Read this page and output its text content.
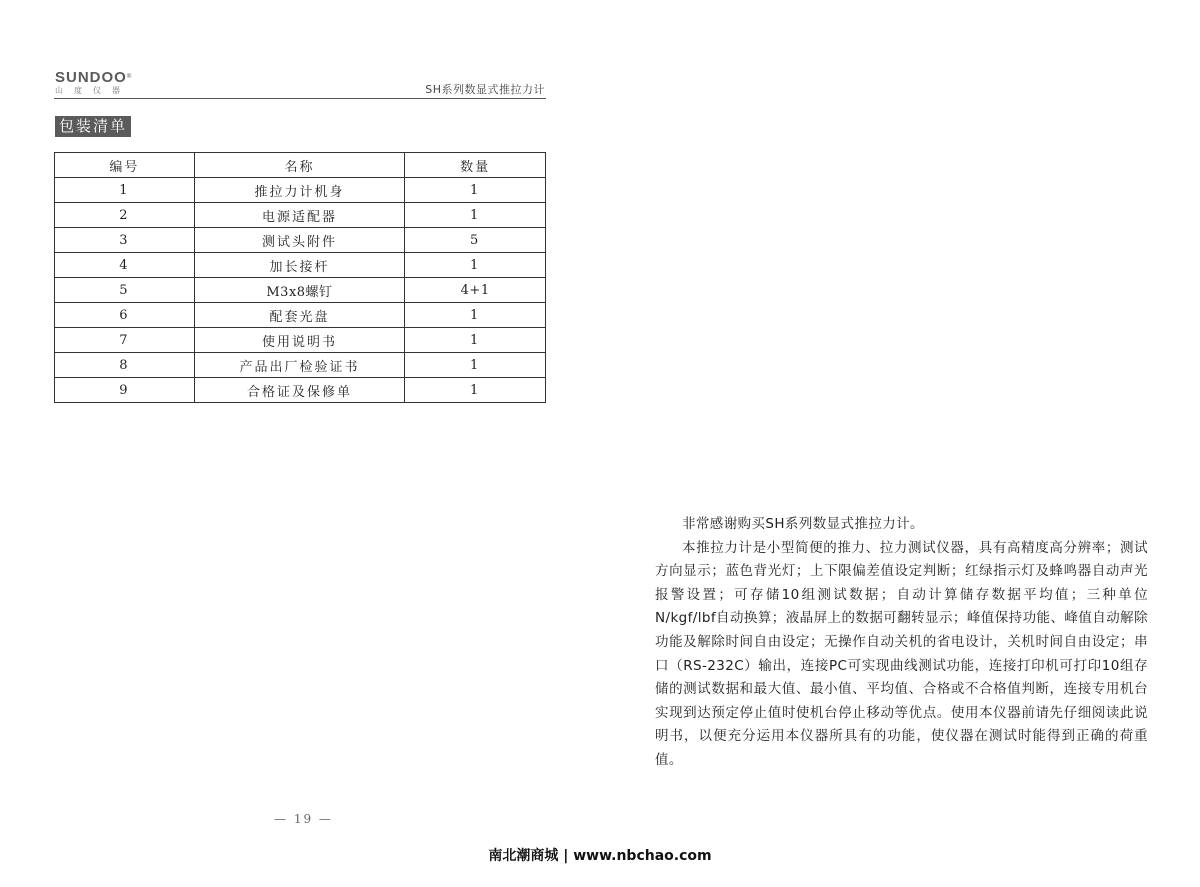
SUNDOO®
山度仪器	SH系列数显式推拉力计
包装清单
编号	名称	数量
1	推拉力计机身	1
2	电源适配器	1
3	测试头附件	5
4	加长接杆	1
5	M3x8螺钉	4+1
6	配套光盘	1
7	使用说明书	1
8	产品出厂检验证书	1
9	合格证及保修单	1
— 19 —

非常感谢购买SH系列数显式推拉力计。

本推拉力计是小型简便的推力、拉力测试仪器，具有高精度高分辨率；测试方向显示；蓝色背光灯；上下限偏差值设定判断；红绿指示灯及蜂鸣器自动声光报警设置；可存储10组测试数据；自动计算储存数据平均值；三种单位N/kgf/lbf自动换算；液晶屏上的数据可翻转显示；峰值保持功能、峰值自动解除功能及解除时间自由设定；无操作自动关机的省电设计，关机时间自由设定；串口（RS-232C）输出，连接PC可实现曲线测试功能，连接打印机可打印10组存储的测试数据和最大值、最小值、平均值、合格或不合格值判断，连接专用机台实现到达预定停止值时使机台停止移动等优点。使用本仪器前请先仔细阅读此说明书，以便充分运用本仪器所具有的功能，使仪器在测试时能得到正确的荷重值。

南北潮商城 | www.nbchao.com
